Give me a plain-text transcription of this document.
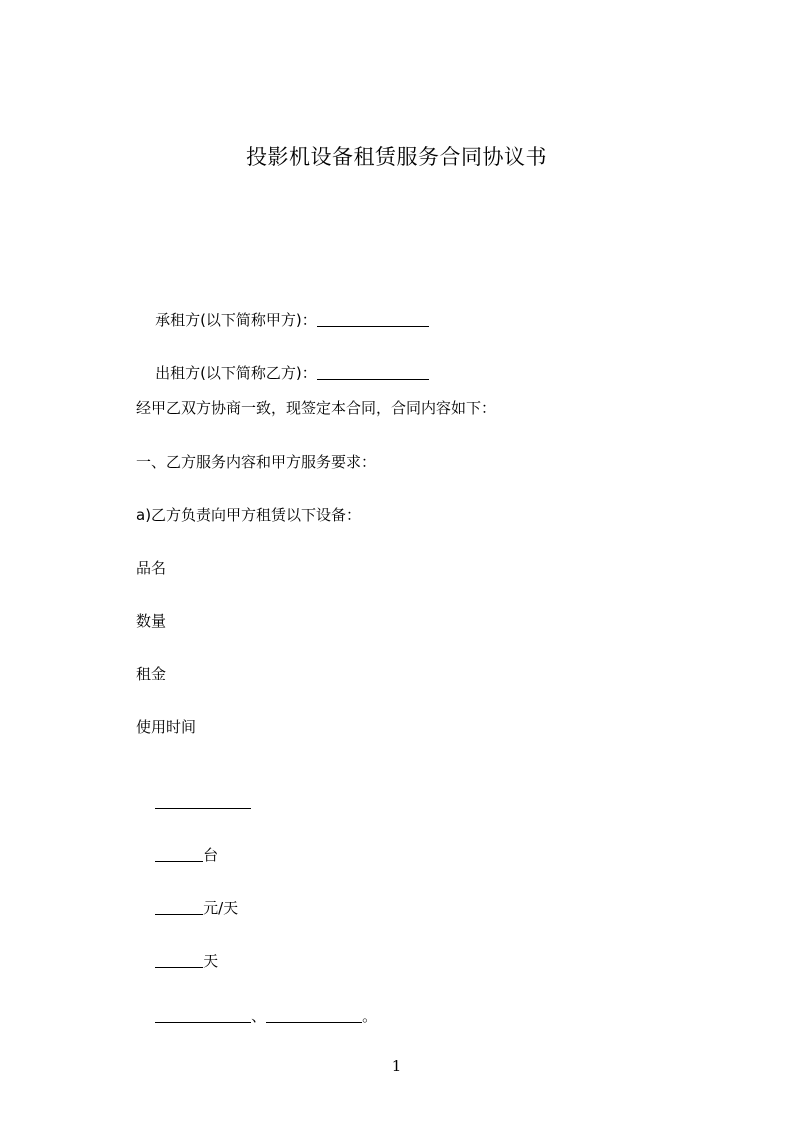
投影机设备租赁服务合同协议书

承租方(以下简称甲方)：

出租方(以下简称乙方)：

经甲乙双方协商一致，现签定本合同，合同内容如下：
一、乙方服务内容和甲方服务要求：
a)乙方负责向甲方租赁以下设备：
品名
数量
租金
使用时间

台

元/天

天

、	。

1
